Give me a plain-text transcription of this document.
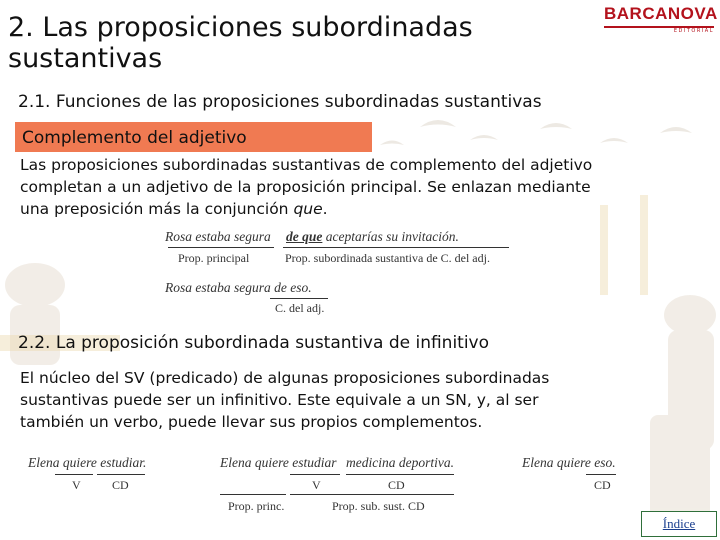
2. Las proposiciones subordinadas
sustantivas
BARCANOVA
EDITORIAL
2.1. Funciones de las proposiciones subordinadas sustantivas
Complemento del adjetivo
Las proposiciones subordinadas sustantivas de complemento del adjetivo
completan a un adjetivo de la proposición principal. Se enlazan mediante
una preposición más la conjunción que.
Rosa estaba segura de que aceptarías su invitación.
Prop. principal	Prop. subordinada sustantiva de C. del adj.
Rosa estaba segura de eso.
C. del adj.
2.2. La proposición subordinada sustantiva de infinitivo
El núcleo del SV (predicado) de algunas proposiciones subordinadas
sustantivas puede ser un infinitivo. Este equivale a un SN, y, al ser
también un verbo, puede llevar sus propios complementos.
Elena quiere estudiar.
V	CD
Elena quiere estudiar medicina deportiva.
V	CD
Prop. princ.	Prop. sub. sust. CD
Elena quiere eso.
CD
Índice
